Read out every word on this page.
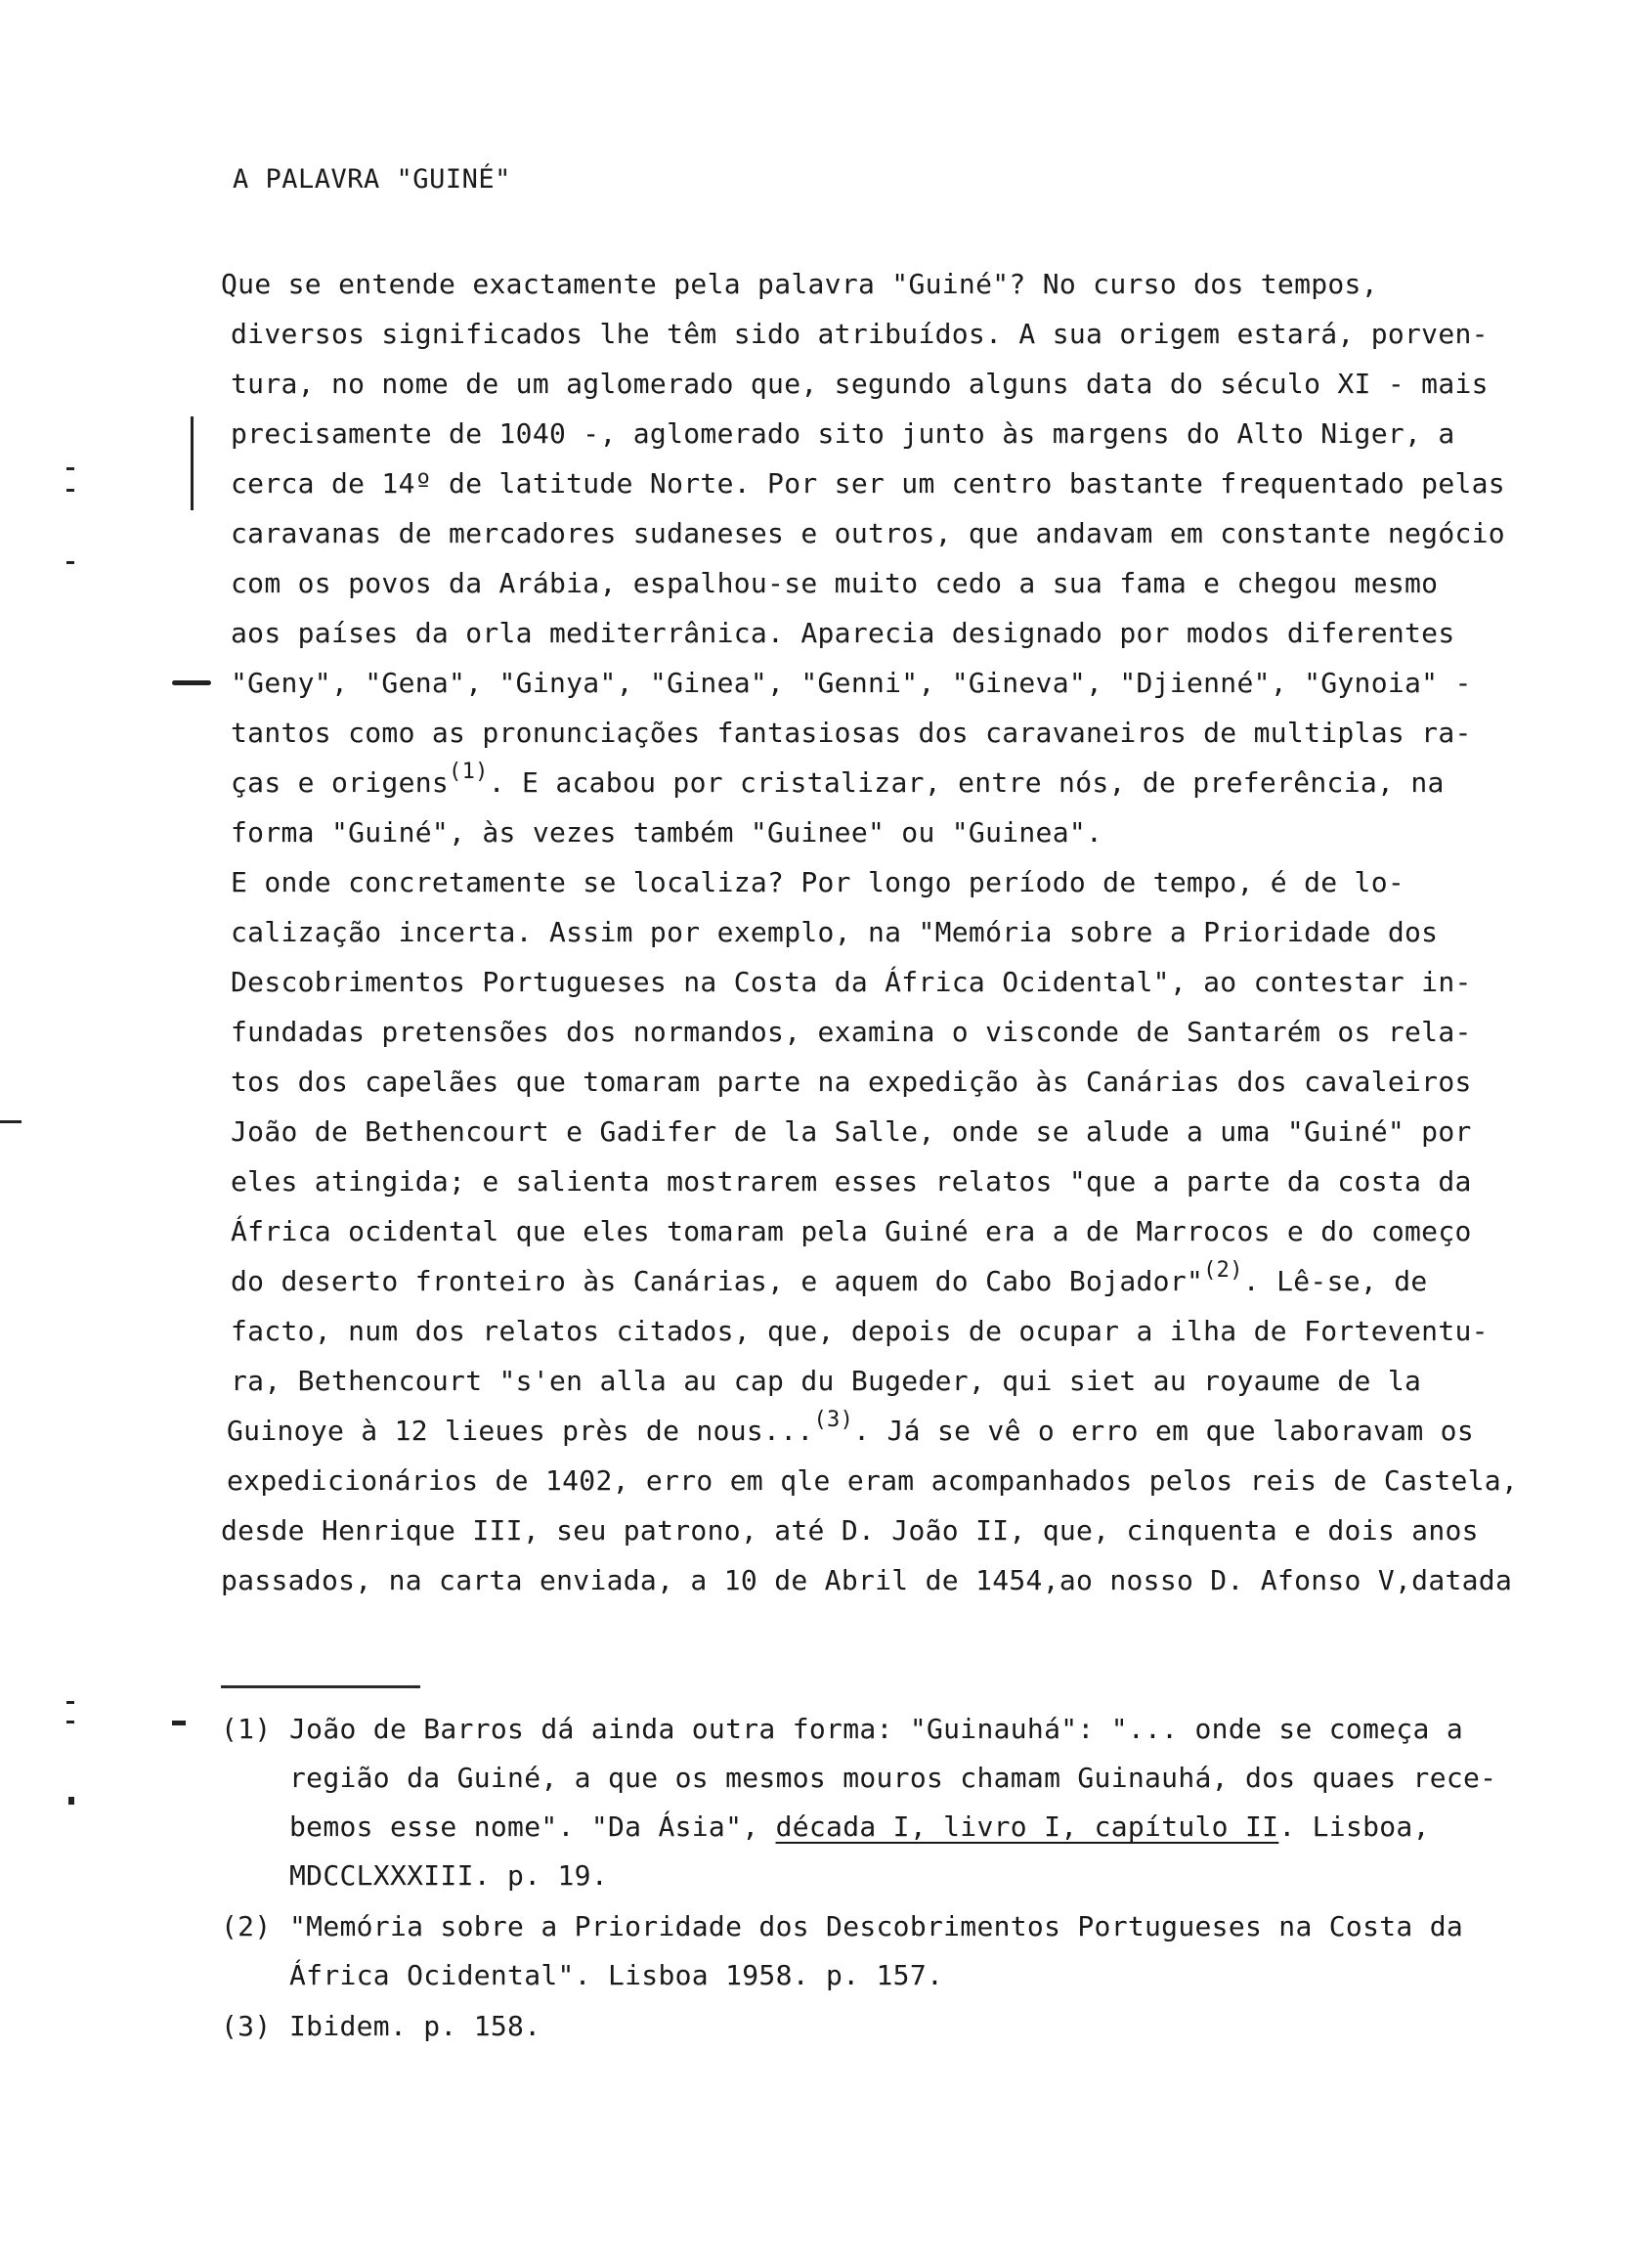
A PALAVRA "GUINÉ"
Que se entende exactamente pela palavra "Guiné"? No curso dos tempos,
diversos significados lhe têm sido atribuídos. A sua origem estará, porven-
tura, no nome de um aglomerado que, segundo alguns data do século XI - mais
precisamente de 1040 -, aglomerado sito junto às margens do Alto Niger, a
cerca de 14º de latitude Norte. Por ser um centro bastante frequentado pelas
caravanas de mercadores sudaneses e outros, que andavam em constante negócio
com os povos da Arábia, espalhou-se muito cedo a sua fama e chegou mesmo
aos países da orla mediterrânica. Aparecia designado por modos diferentes
"Geny", "Gena", "Ginya", "Ginea", "Genni", "Gineva", "Djienné", "Gynoia" -
tantos como as pronunciações fantasiosas dos caravaneiros de multiplas ra-
ças e origens$^{(1)}$. E acabou por cristalizar, entre nós, de preferência, na
forma "Guiné", às vezes também "Guinee" ou "Guinea".
E onde concretamente se localiza? Por longo período de tempo, é de lo-
calização incerta. Assim por exemplo, na "Memória sobre a Prioridade dos
Descobrimentos Portugueses na Costa da África Ocidental", ao contestar in-
fundadas pretensões dos normandos, examina o visconde de Santarém os rela-
tos dos capelães que tomaram parte na expedição às Canárias dos cavaleiros
João de Bethencourt e Gadifer de la Salle, onde se alude a uma "Guiné" por
eles atingida; e salienta mostrarem esses relatos "que a parte da costa da
África ocidental que eles tomaram pela Guiné era a de Marrocos e do começo
do deserto fronteiro às Canárias, e aquem do Cabo Bojador"$^{(2)}$. Lê-se, de
facto, num dos relatos citados, que, depois de ocupar a ilha de Forteventu-
ra, Bethencourt "s'en alla au cap du Bugeder, qui siet au royaume de la
Guinoye à 12 lieues près de nous...$^{(3)}$. Já se vê o erro em que laboravam os
expedicionários de 1402, erro em qle eram acompanhados pelos reis de Castela,
desde Henrique III, seu patrono, até D. João II, que, cinquenta e dois anos
passados, na carta enviada, a 10 de Abril de 1454,ao nosso D. Afonso V,datada
(1) João de Barros dá ainda outra forma: "Guinauhá": "... onde se começa a
região da Guiné, a que os mesmos mouros chamam Guinauhá, dos quaes rece-
bemos esse nome". "Da Ásia", década I, livro I, capítulo II. Lisboa,
MDCCLXXXIII. p. 19.
(2) "Memória sobre a Prioridade dos Descobrimentos Portugueses na Costa da
África Ocidental". Lisboa 1958. p. 157.
(3) Ibidem. p. 158.
